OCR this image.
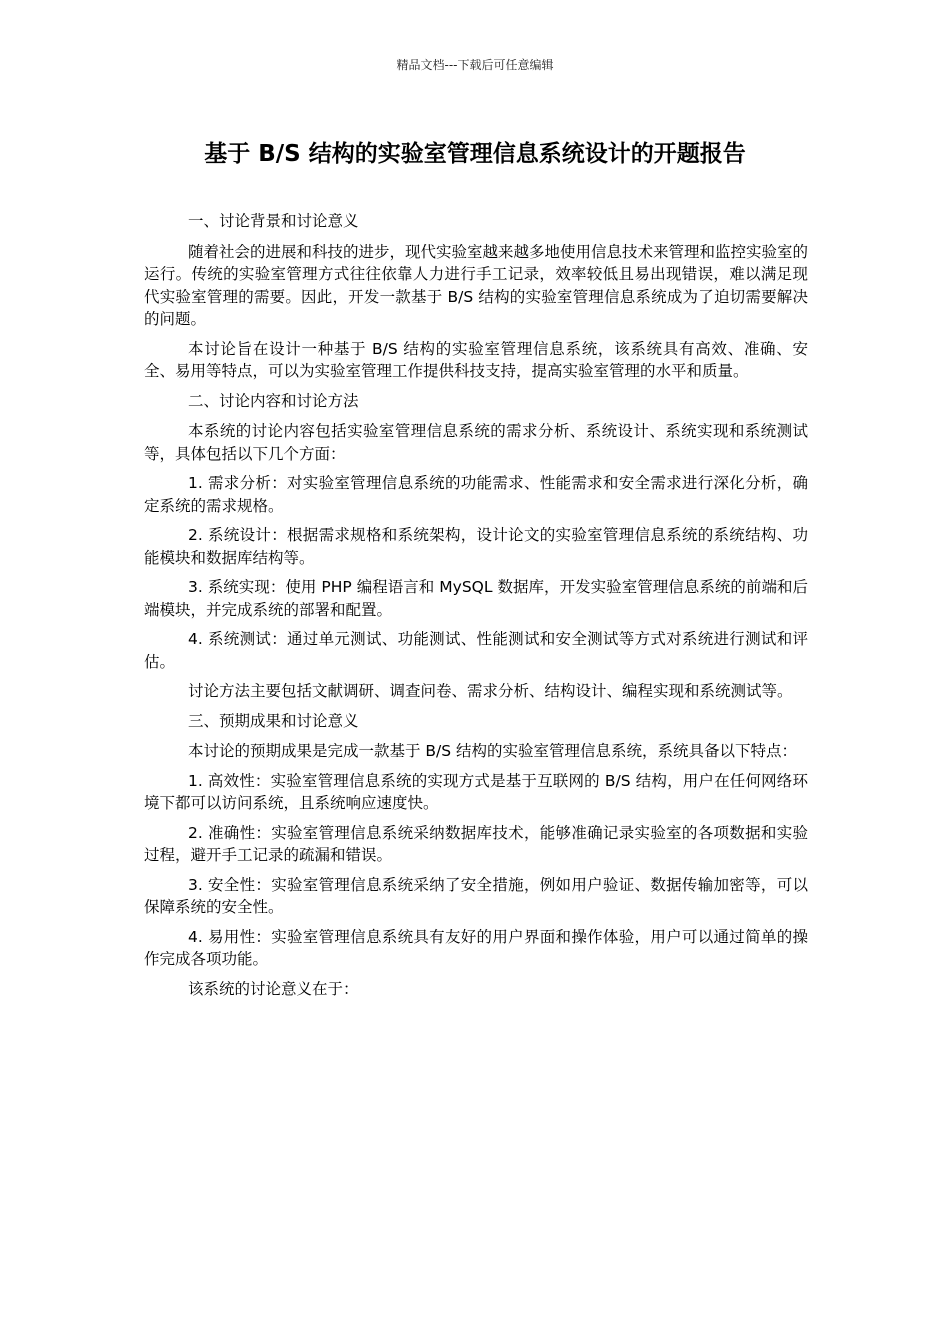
精品文档---下载后可任意编辑
基于 B/S 结构的实验室管理信息系统设计的开题报告

一、讨论背景和讨论意义

随着社会的进展和科技的进步，现代实验室越来越多地使用信息技术来管理和监控实验室的运行。传统的实验室管理方式往往依靠人力进行手工记录，效率较低且易出现错误，难以满足现代实验室管理的需要。因此，开发一款基于 B/S 结构的实验室管理信息系统成为了迫切需要解决的问题。

本讨论旨在设计一种基于 B/S 结构的实验室管理信息系统，该系统具有高效、准确、安全、易用等特点，可以为实验室管理工作提供科技支持，提高实验室管理的水平和质量。

二、讨论内容和讨论方法

本系统的讨论内容包括实验室管理信息系统的需求分析、系统设计、系统实现和系统测试等，具体包括以下几个方面：

1. 需求分析：对实验室管理信息系统的功能需求、性能需求和安全需求进行深化分析，确定系统的需求规格。

2. 系统设计：根据需求规格和系统架构，设计论文的实验室管理信息系统的系统结构、功能模块和数据库结构等。

3. 系统实现：使用 PHP 编程语言和 MySQL 数据库，开发实验室管理信息系统的前端和后端模块，并完成系统的部署和配置。

4. 系统测试：通过单元测试、功能测试、性能测试和安全测试等方式对系统进行测试和评估。

讨论方法主要包括文献调研、调查问卷、需求分析、结构设计、编程实现和系统测试等。

三、预期成果和讨论意义

本讨论的预期成果是完成一款基于 B/S 结构的实验室管理信息系统，系统具备以下特点：

1. 高效性：实验室管理信息系统的实现方式是基于互联网的 B/S 结构，用户在任何网络环境下都可以访问系统，且系统响应速度快。

2. 准确性：实验室管理信息系统采纳数据库技术，能够准确记录实验室的各项数据和实验过程，避开手工记录的疏漏和错误。

3. 安全性：实验室管理信息系统采纳了安全措施，例如用户验证、数据传输加密等，可以保障系统的安全性。

4. 易用性：实验室管理信息系统具有友好的用户界面和操作体验，用户可以通过简单的操作完成各项功能。

该系统的讨论意义在于：
